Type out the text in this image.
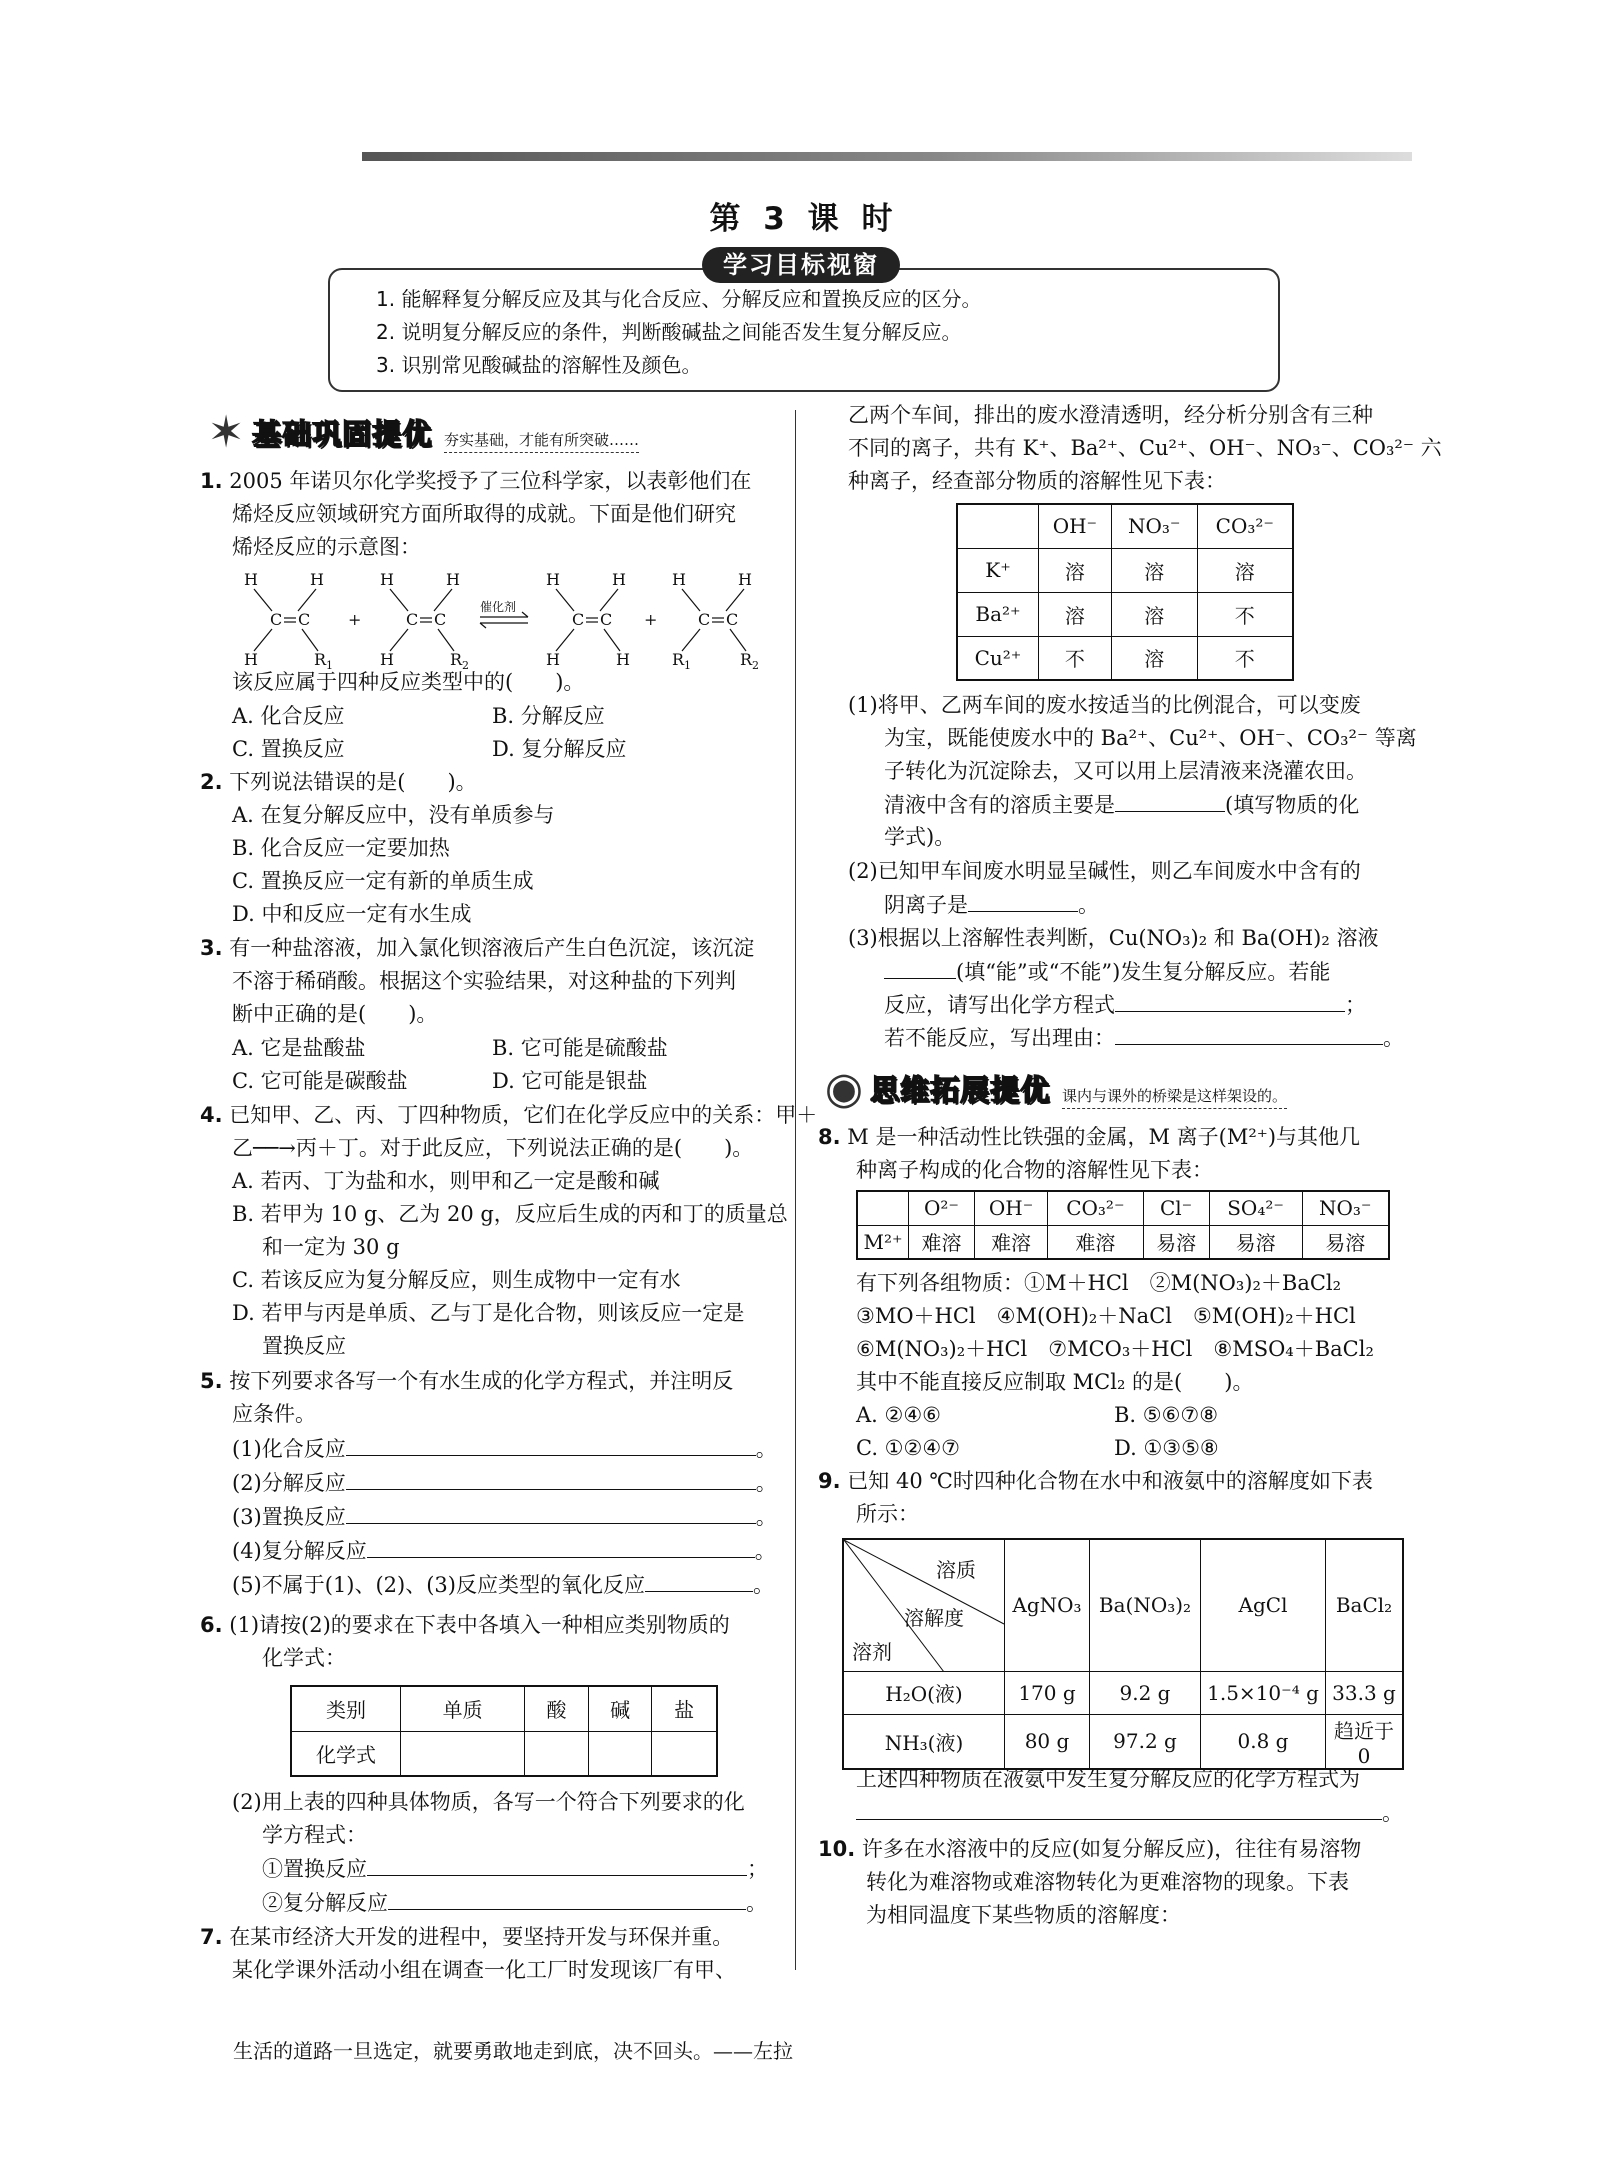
第 3 课 时
学习目标视窗
1. 能解释复分解反应及其与化合反应、分解反应和置换反应的区分。
2. 说明复分解反应的条件，判断酸碱盐之间能否发生复分解反应。
3. 识别常见酸碱盐的溶解性及颜色。
✶ 基础巩固提优 夯实基础，才能有所突破……
1. 2005 年诺贝尔化学奖授予了三位科学家，以表彰他们在
烯烃反应领域研究方面所取得的成就。下面是他们研究
烯烃反应的示意图：
H	H
C C
H	R 1
+
H	H
C C
H	R 2
H	H
C C
H	H
+
H	H
C C
R 1	R 2
催化剂
该反应属于四种反应类型中的(　　)。
A. 化合反应	B. 分解反应
C. 置换反应	D. 复分解反应
2. 下列说法错误的是(　　)。
A. 在复分解反应中，没有单质参与
B. 化合反应一定要加热
C. 置换反应一定有新的单质生成
D. 中和反应一定有水生成
3. 有一种盐溶液，加入氯化钡溶液后产生白色沉淀，该沉淀
不溶于稀硝酸。根据这个实验结果，对这种盐的下列判
断中正确的是(　　)。
A. 它是盐酸盐	B. 它可能是硫酸盐
C. 它可能是碳酸盐	D. 它可能是银盐
4. 已知甲、乙、丙、丁四种物质，它们在化学反应中的关系：甲＋
乙──→丙＋丁。对于此反应，下列说法正确的是(　　)。
A. 若丙、丁为盐和水，则甲和乙一定是酸和碱
B. 若甲为 10 g、乙为 20 g，反应后生成的丙和丁的质量总
和一定为 30 g
C. 若该反应为复分解反应，则生成物中一定有水
D. 若甲与丙是单质、乙与丁是化合物，则该反应一定是
置换反应
5. 按下列要求各写一个有水生成的化学方程式，并注明反
应条件。
(1)化合反应	。
(2)分解反应	。
(3)置换反应	。
(4)复分解反应	。
(5)不属于(1)、(2)、(3)反应类型的氧化反应	。
6. (1)请按(2)的要求在下表中各填入一种相应类别物质的
化学式：
类别	单质	酸	碱	盐
化学式				
(2)用上表的四种具体物质，各写一个符合下列要求的化
学方程式：
①置换反应	；
②复分解反应	。
7. 在某市经济大开发的进程中，要坚持开发与环保并重。
某化学课外活动小组在调查一化工厂时发现该厂有甲、
乙两个车间，排出的废水澄清透明，经分析分别含有三种
不同的离子，共有 K⁺、Ba²⁺、Cu²⁺、OH⁻、NO₃⁻、CO₃²⁻ 六
种离子，经查部分物质的溶解性见下表：
	OH⁻	NO₃⁻	CO₃²⁻
K⁺	溶	溶	溶
Ba²⁺	溶	溶	不
Cu²⁺	不	溶	不
(1)将甲、乙两车间的废水按适当的比例混合，可以变废
为宝，既能使废水中的 Ba²⁺、Cu²⁺、OH⁻、CO₃²⁻ 等离
子转化为沉淀除去，又可以用上层清液来浇灌农田。
清液中含有的溶质主要是	(填写物质的化
学式)。
(2)已知甲车间废水明显呈碱性，则乙车间废水中含有的
阴离子是	。
(3)根据以上溶解性表判断，Cu(NO₃)₂ 和 Ba(OH)₂ 溶液
(填“能”或“不能”)发生复分解反应。若能
反应，请写出化学方程式	；
若不能反应，写出理由：	。
◉ 思维拓展提优 课内与课外的桥梁是这样架设的。
8. M 是一种活动性比铁强的金属，M 离子(M²⁺)与其他几
种离子构成的化合物的溶解性见下表：
	O²⁻	OH⁻	CO₃²⁻	Cl⁻	SO₄²⁻	NO₃⁻
M²⁺	难溶	难溶	难溶	易溶	易溶	易溶
有下列各组物质：①M＋HCl　②M(NO₃)₂＋BaCl₂
③MO＋HCl　④M(OH)₂＋NaCl　⑤M(OH)₂＋HCl
⑥M(NO₃)₂＋HCl　⑦MCO₃＋HCl　⑧MSO₄＋BaCl₂
其中不能直接反应制取 MCl₂ 的是(　　)。
A. ②④⑥	B. ⑤⑥⑦⑧
C. ①②④⑦	D. ①③⑤⑧
9. 已知 40 ℃时四种化合物在水中和液氨中的溶解度如下表
所示：
溶质
溶解度
溶剂	AgNO₃	Ba(NO₃)₂	AgCl	BaCl₂
H₂O(液)	170 g	9.2 g	1.5×10⁻⁴ g	33.3 g
NH₃(液)	80 g	97.2 g	0.8 g	趋近于 0
上述四种物质在液氨中发生复分解反应的化学方程式为
。
10. 许多在水溶液中的反应(如复分解反应)，往往有易溶物
转化为难溶物或难溶物转化为更难溶物的现象。下表
为相同温度下某些物质的溶解度：
生活的道路一旦选定，就要勇敢地走到底，决不回头。——左拉
